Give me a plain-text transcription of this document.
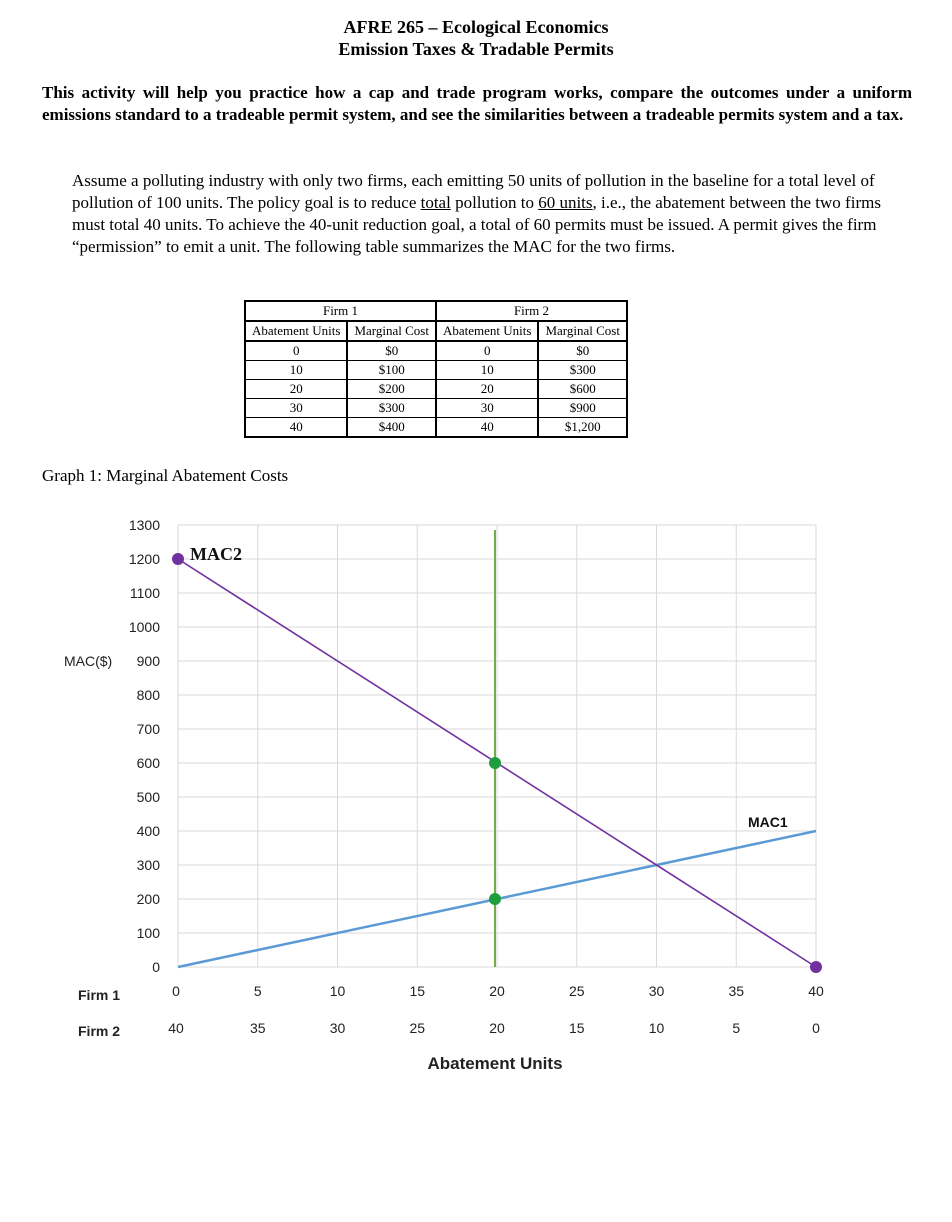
AFRE 265 – Ecological Economics
Emission Taxes & Tradable Permits

This activity will help you practice how a cap and trade program works, compare the outcomes under a uniform emissions standard to a tradeable permit system, and see the similarities between a tradeable permits system and a tax.

Assume a polluting industry with only two firms, each emitting 50 units of pollution in the baseline for a total level of pollution of 100 units. The policy goal is to reduce total pollution to 60 units, i.e., the abatement between the two firms must total 40 units. To achieve the 40-unit reduction goal, a total of 60 permits must be issued. A permit gives the firm “permission” to emit a unit. The following table summarizes the MAC for the two firms.

Firm 1		Firm 2	
Abatement Units	Marginal Cost	Abatement Units	Marginal Cost
0	$0	0	$0
10	$100	10	$300
20	$200	20	$600
30	$300	30	$900
40	$400	40	$1,200
Graph 1: Marginal Abatement Costs
0
100
200
300
400
500
600
700
800
900
1000
1100
1200
1300
MAC($)
Firm 1
Firm 2
0	5	10	15	20	25	30	35	40
40	35	30	25	20	15	10	5	0
Abatement Units
MAC2
MAC1
